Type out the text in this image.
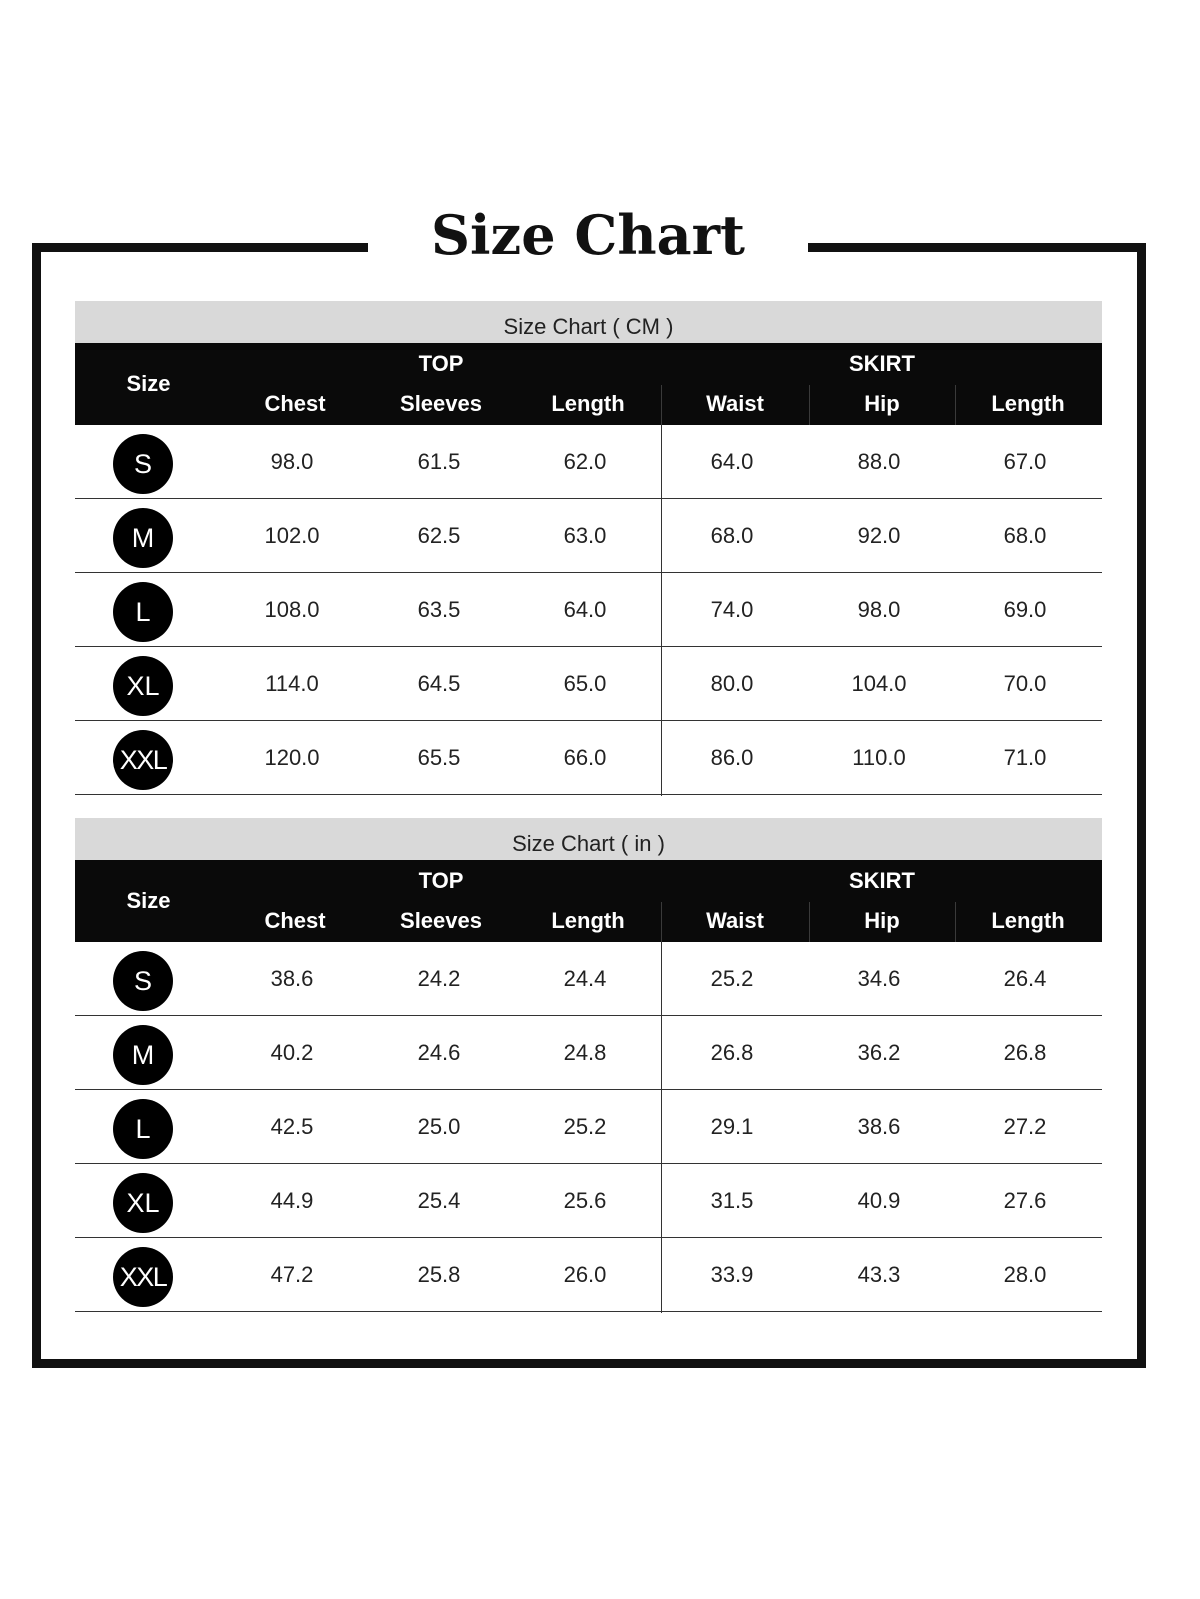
Size Chart
Size Chart ( CM )
Size
TOP	SKIRT
Chest	Sleeves	Length	Waist	Hip	Length
S	98.0	61.5	62.0	64.0	88.0	67.0
M	102.0	62.5	63.0	68.0	92.0	68.0
L	108.0	63.5	64.0	74.0	98.0	69.0
XL	114.0	64.5	65.0	80.0	104.0	70.0
XXL	120.0	65.5	66.0	86.0	110.0	71.0
Size Chart ( in )
Size
TOP	SKIRT
Chest	Sleeves	Length	Waist	Hip	Length
S	38.6	24.2	24.4	25.2	34.6	26.4
M	40.2	24.6	24.8	26.8	36.2	26.8
L	42.5	25.0	25.2	29.1	38.6	27.2
XL	44.9	25.4	25.6	31.5	40.9	27.6
XXL	47.2	25.8	26.0	33.9	43.3	28.0
